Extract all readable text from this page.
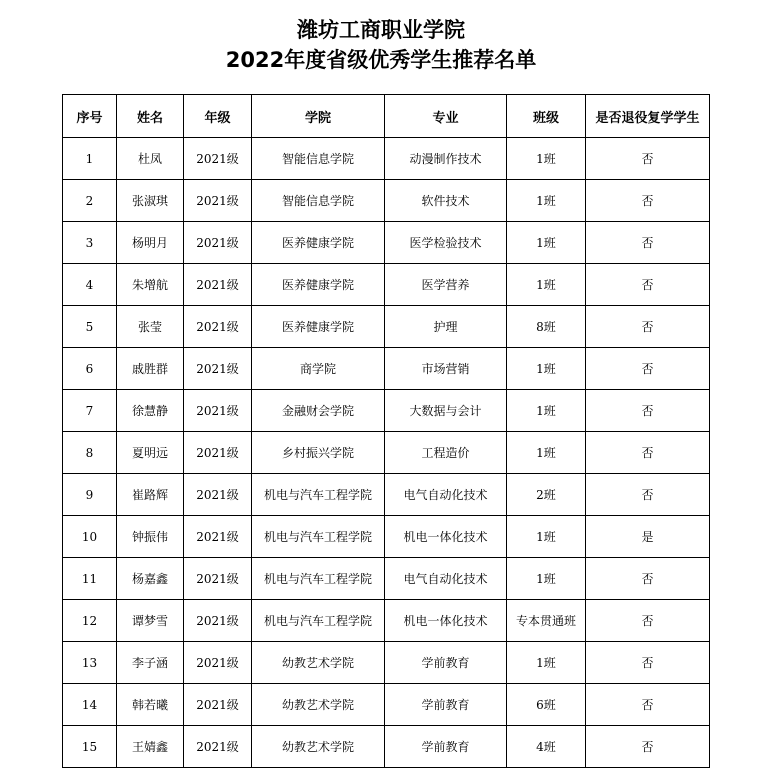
潍坊工商职业学院
2022年度省级优秀学生推荐名单
序号	姓名	年级	学院	专业	班级	是否退役复学学生
1	杜凤	2021级	智能信息学院	动漫制作技术	1班	否
2	张淑琪	2021级	智能信息学院	软件技术	1班	否
3	杨明月	2021级	医养健康学院	医学检验技术	1班	否
4	朱增航	2021级	医养健康学院	医学营养	1班	否
5	张莹	2021级	医养健康学院	护理	8班	否
6	戚胜群	2021级	商学院	市场营销	1班	否
7	徐慧静	2021级	金融财会学院	大数据与会计	1班	否
8	夏明远	2021级	乡村振兴学院	工程造价	1班	否
9	崔路辉	2021级	机电与汽车工程学院	电气自动化技术	2班	否
10	钟振伟	2021级	机电与汽车工程学院	机电一体化技术	1班	是
11	杨嘉鑫	2021级	机电与汽车工程学院	电气自动化技术	1班	否
12	谭梦雪	2021级	机电与汽车工程学院	机电一体化技术	专本贯通班	否
13	李子涵	2021级	幼教艺术学院	学前教育	1班	否
14	韩若曦	2021级	幼教艺术学院	学前教育	6班	否
15	王婧鑫	2021级	幼教艺术学院	学前教育	4班	否
